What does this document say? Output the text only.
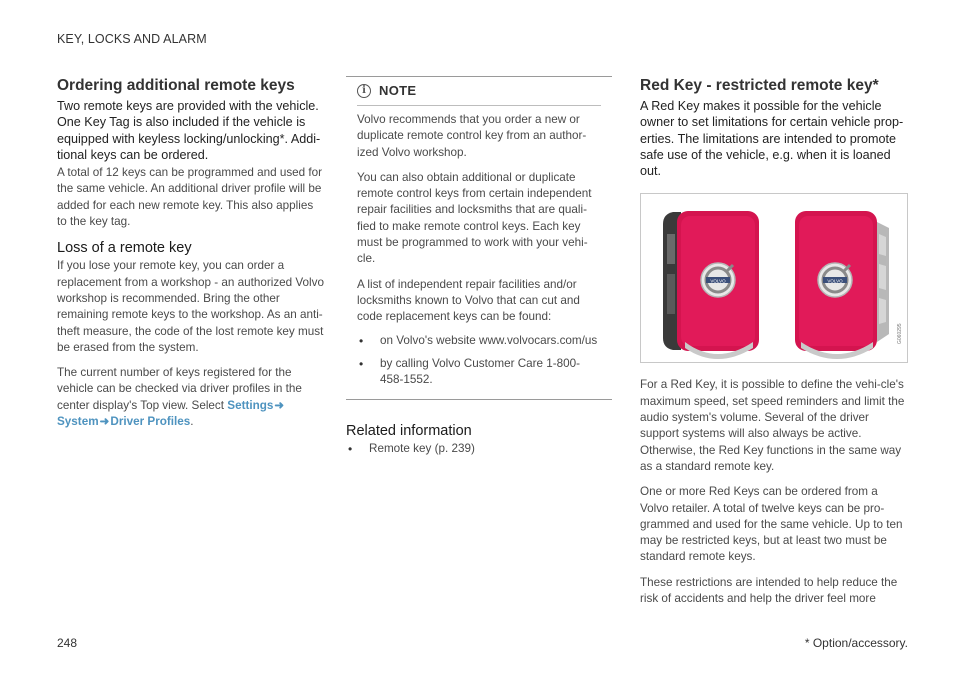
KEY, LOCKS AND ALARM
Ordering additional remote keys

Two remote keys are provided with the vehicle. One Key Tag is also included if the vehicle is equipped with keyless locking/unlocking*. Addi-tional keys can be ordered.

A total of 12 keys can be programmed and used for the same vehicle. An additional driver profile will be added for each new remote key. This also applies to the key tag.

Loss of a remote key

If you lose your remote key, you can order a replacement from a workshop - an authorized Volvo workshop is recommended. Bring the other remaining remote keys to the workshop. As an anti-theft measure, the code of the lost remote key must be erased from the system.

The current number of keys registered for the vehicle can be checked via driver profiles in the center display's Top view. Select Settings➜
System➜Driver Profiles.

i	NOTE

Volvo recommends that you order a new or duplicate remote control key from an author-ized Volvo workshop.

You can also obtain additional or duplicate remote control keys from certain independent repair facilities and locksmiths that are quali-fied to make remote control keys. Each key must be programmed to work with your vehi-cle.

A list of independent repair facilities and/or locksmiths known to Volvo that can cut and code replacement keys can be found:

• on Volvo's website www.volvocars.com/us
• by calling Volvo Customer Care 1-800-458-1552.
Related information
• Remote key (p. 239)
Red Key - restricted remote key*

A Red Key makes it possible for the vehicle owner to set limitations for certain vehicle prop-erties. The limitations are intended to promote safe use of the vehicle, e.g. when it is loaned out.

VOLVO	VOLVO
G060295

For a Red Key, it is possible to define the vehi-cle's maximum speed, set speed reminders and limit the audio system's volume. Several of the driver support systems will also always be active. Otherwise, the Red Key functions in the same way as a standard remote key.

One or more Red Keys can be ordered from a Volvo retailer. A total of twelve keys can be pro-grammed and used for the same vehicle. Up to ten may be restricted keys, but at least two must be standard remote keys.

These restrictions are intended to help reduce the risk of accidents and help the driver feel more

248	* Option/accessory.
